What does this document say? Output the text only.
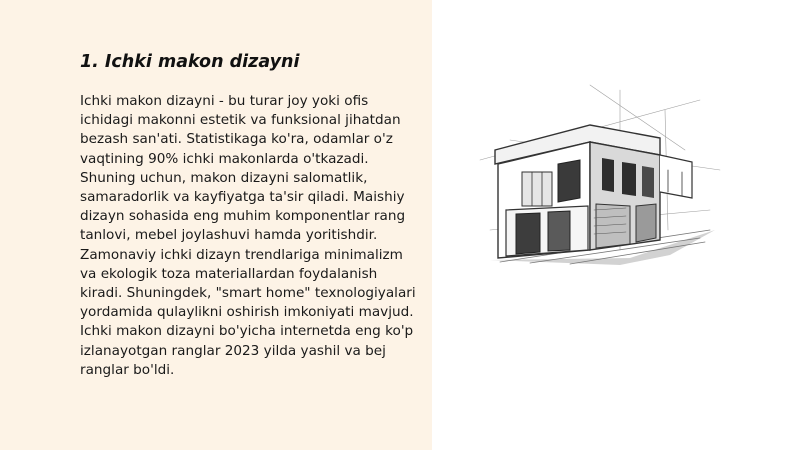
1. Ichki makon dizayni

Ichki makon dizayni - bu turar joy yoki ofis ichidagi makonni estetik va funksional jihatdan bezash san'ati. Statistikaga ko'ra, odamlar o'z vaqtining 90% ichki makonlarda o'tkazadi. Shuning uchun, makon dizayni salomatlik, samaradorlik va kayfiyatga ta'sir qiladi. Maishiy dizayn sohasida eng muhim komponentlar rang tanlovi, mebel joylashuvi hamda yoritishdir. Zamonaviy ichki dizayn trendlariga minimalizm va ekologik toza materiallardan foydalanish kiradi. Shuningdek, "smart home" texnologiyalari yordamida qulaylikni oshirish imkoniyati mavjud. Ichki makon dizayni bo'yicha internetda eng ko'p izlanayotgan ranglar 2023 yilda yashil va bej ranglar bo'ldi.
